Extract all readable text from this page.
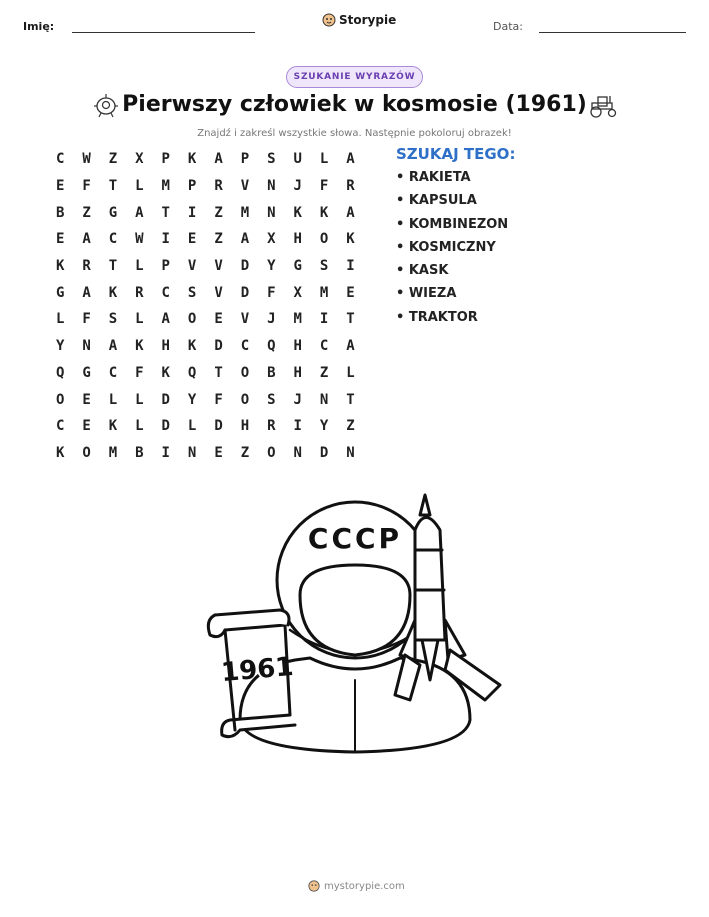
Imię:	Storypie	Data:
SZUKANIE WYRAZÓW
Pierwszy człowiek w kosmosie (1961)
Znajdź i zakreśl wszystkie słowa. Następnie pokoloruj obrazek!
C	W	Z	X	P	K	A	P	S	U	L	A
E	F	T	L	M	P	R	V	N	J	F	R
B	Z	G	A	T	I	Z	M	N	K	K	A
E	A	C	W	I	E	Z	A	X	H	O	K
K	R	T	L	P	V	V	D	Y	G	S	I
G	A	K	R	C	S	V	D	F	X	M	E
L	F	S	L	A	O	E	V	J	M	I	T
Y	N	A	K	H	K	D	C	Q	H	C	A
Q	G	C	F	K	Q	T	O	B	H	Z	L
O	E	L	L	D	Y	F	O	S	J	N	T
C	E	K	L	D	L	D	H	R	I	Y	Z
K	O	M	B	I	N	E	Z	O	N	D	N
SZUKAJ TEGO:
• RAKIETA
• KAPSULA
• KOMBINEZON
• KOSMICZNY
• KASK
• WIEZA
• TRAKTOR
CCCP
1961
mystorypie.com
